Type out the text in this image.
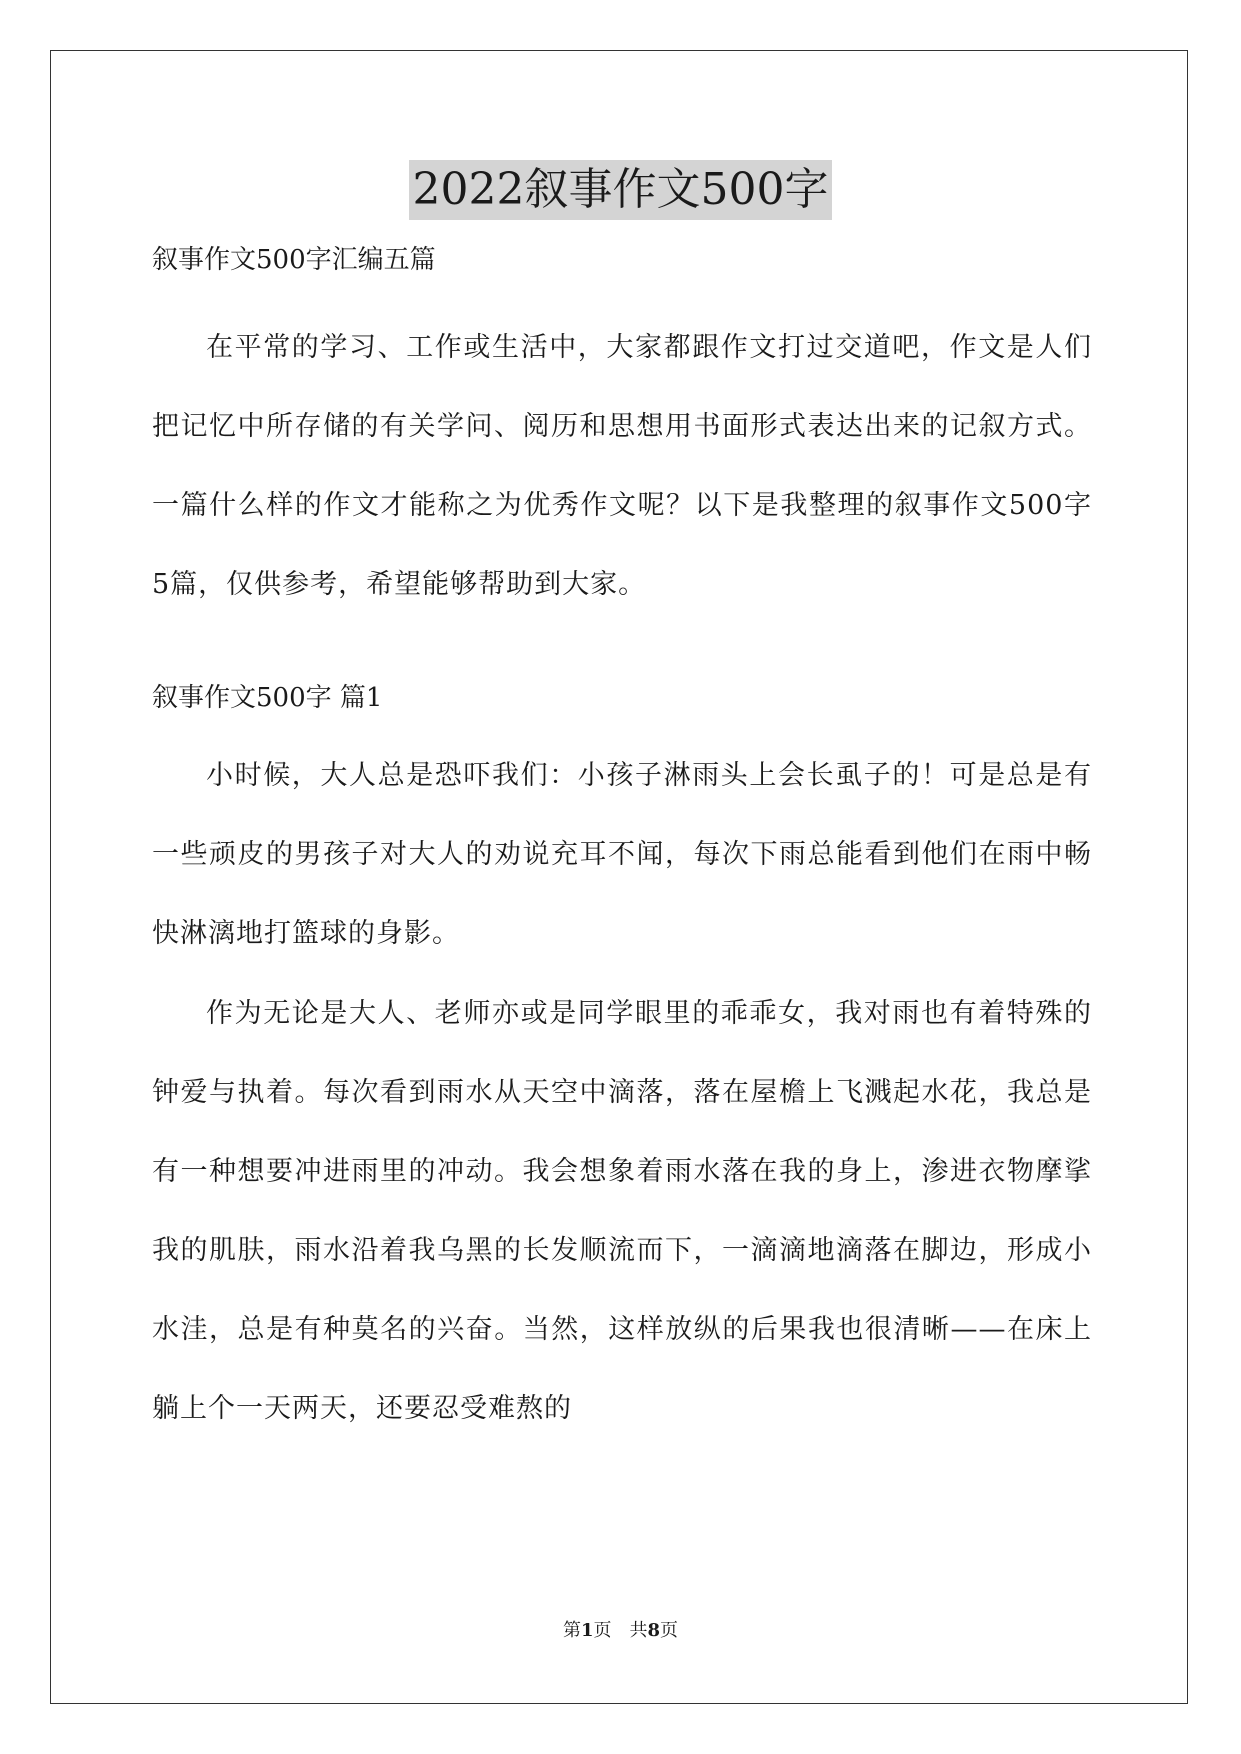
2022叙事作文500字
叙事作文500字汇编五篇

在平常的学习、工作或生活中，大家都跟作文打过交道吧，作文是人们把记忆中所存储的有关学问、阅历和思想用书面形式表达出来的记叙方式。一篇什么样的作文才能称之为优秀作文呢？以下是我整理的叙事作文500字5篇，仅供参考，希望能够帮助到大家。

叙事作文500字 篇1

小时候，大人总是恐吓我们：小孩子淋雨头上会长虱子的！可是总是有一些顽皮的男孩子对大人的劝说充耳不闻，每次下雨总能看到他们在雨中畅快淋漓地打篮球的身影。

作为无论是大人、老师亦或是同学眼里的乖乖女，我对雨也有着特殊的钟爱与执着。每次看到雨水从天空中滴落，落在屋檐上飞溅起水花，我总是有一种想要冲进雨里的冲动。我会想象着雨水落在我的身上，渗进衣物摩挲我的肌肤，雨水沿着我乌黑的长发顺流而下，一滴滴地滴落在脚边，形成小水洼，总是有种莫名的兴奋。当然，这样放纵的后果我也很清晰——在床上躺上个一天两天，还要忍受难熬的

第1页　共8页
